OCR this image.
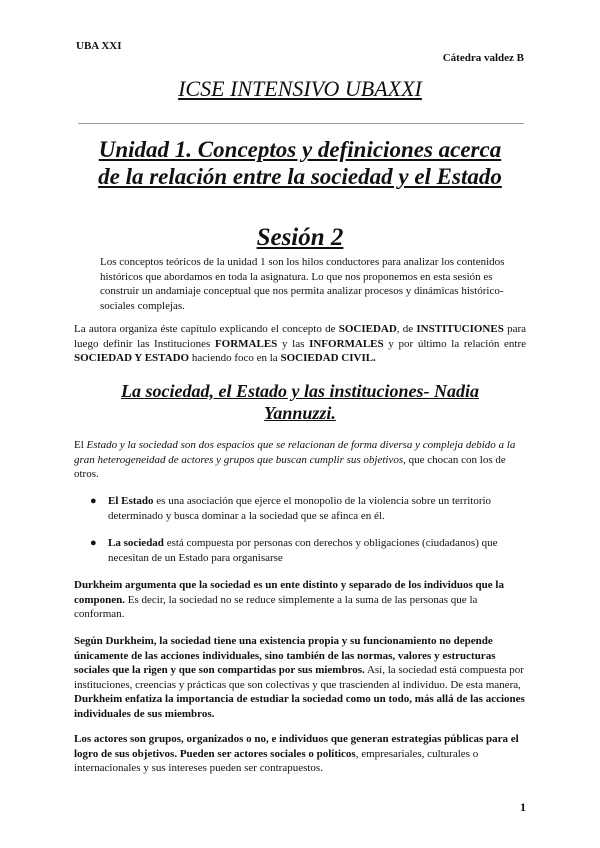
UBA XXI
Cátedra valdez B
ICSE INTENSIVO UBAXXI
Unidad 1. Conceptos y definiciones acerca de la relación entre la sociedad y el Estado
Sesión 2
Los conceptos teóricos de la unidad 1 son los hilos conductores para analizar los contenidos históricos que abordamos en toda la asignatura. Lo que nos proponemos en esta sesión es construir un andamiaje conceptual que nos permita analizar procesos y dinámicas histórico-sociales complejas.
La autora organiza éste capítulo explicando el concepto de SOCIEDAD, de INSTITUCIONES para luego definir las Instituciones FORMALES y las INFORMALES y por último la relación entre SOCIEDAD Y ESTADO haciendo foco en la SOCIEDAD CIVIL.
La sociedad, el Estado y las instituciones- Nadia Yannuzzi.
El Estado y la sociedad son dos espacios que se relacionan de forma diversa y compleja debido a la gran heterogeneidad de actores y grupos que buscan cumplir sus objetivos, que chocan con los de otros.
● El Estado es una asociación que ejerce el monopolio de la violencia sobre un territorio determinado y busca dominar a la sociedad que se afinca en él.
● La sociedad está compuesta por personas con derechos y obligaciones (ciudadanos) que necesitan de un Estado para organisarse
Durkheim argumenta que la sociedad es un ente distinto y separado de los individuos que la componen. Es decir, la sociedad no se reduce simplemente a la suma de las personas que la conforman.
Según Durkheim, la sociedad tiene una existencia propia y su funcionamiento no depende únicamente de las acciones individuales, sino también de las normas, valores y estructuras sociales que la rigen y que son compartidas por sus miembros. Así, la sociedad está compuesta por instituciones, creencias y prácticas que son colectivas y que trascienden al individuo. De esta manera, Durkheim enfatiza la importancia de estudiar la sociedad como un todo, más allá de las acciones individuales de sus miembros.
Los actores son grupos, organizados o no, e individuos que generan estrategias públicas para el logro de sus objetivos. Pueden ser actores sociales o políticos, empresariales, culturales o internacionales y sus intereses pueden ser contrapuestos.
1
